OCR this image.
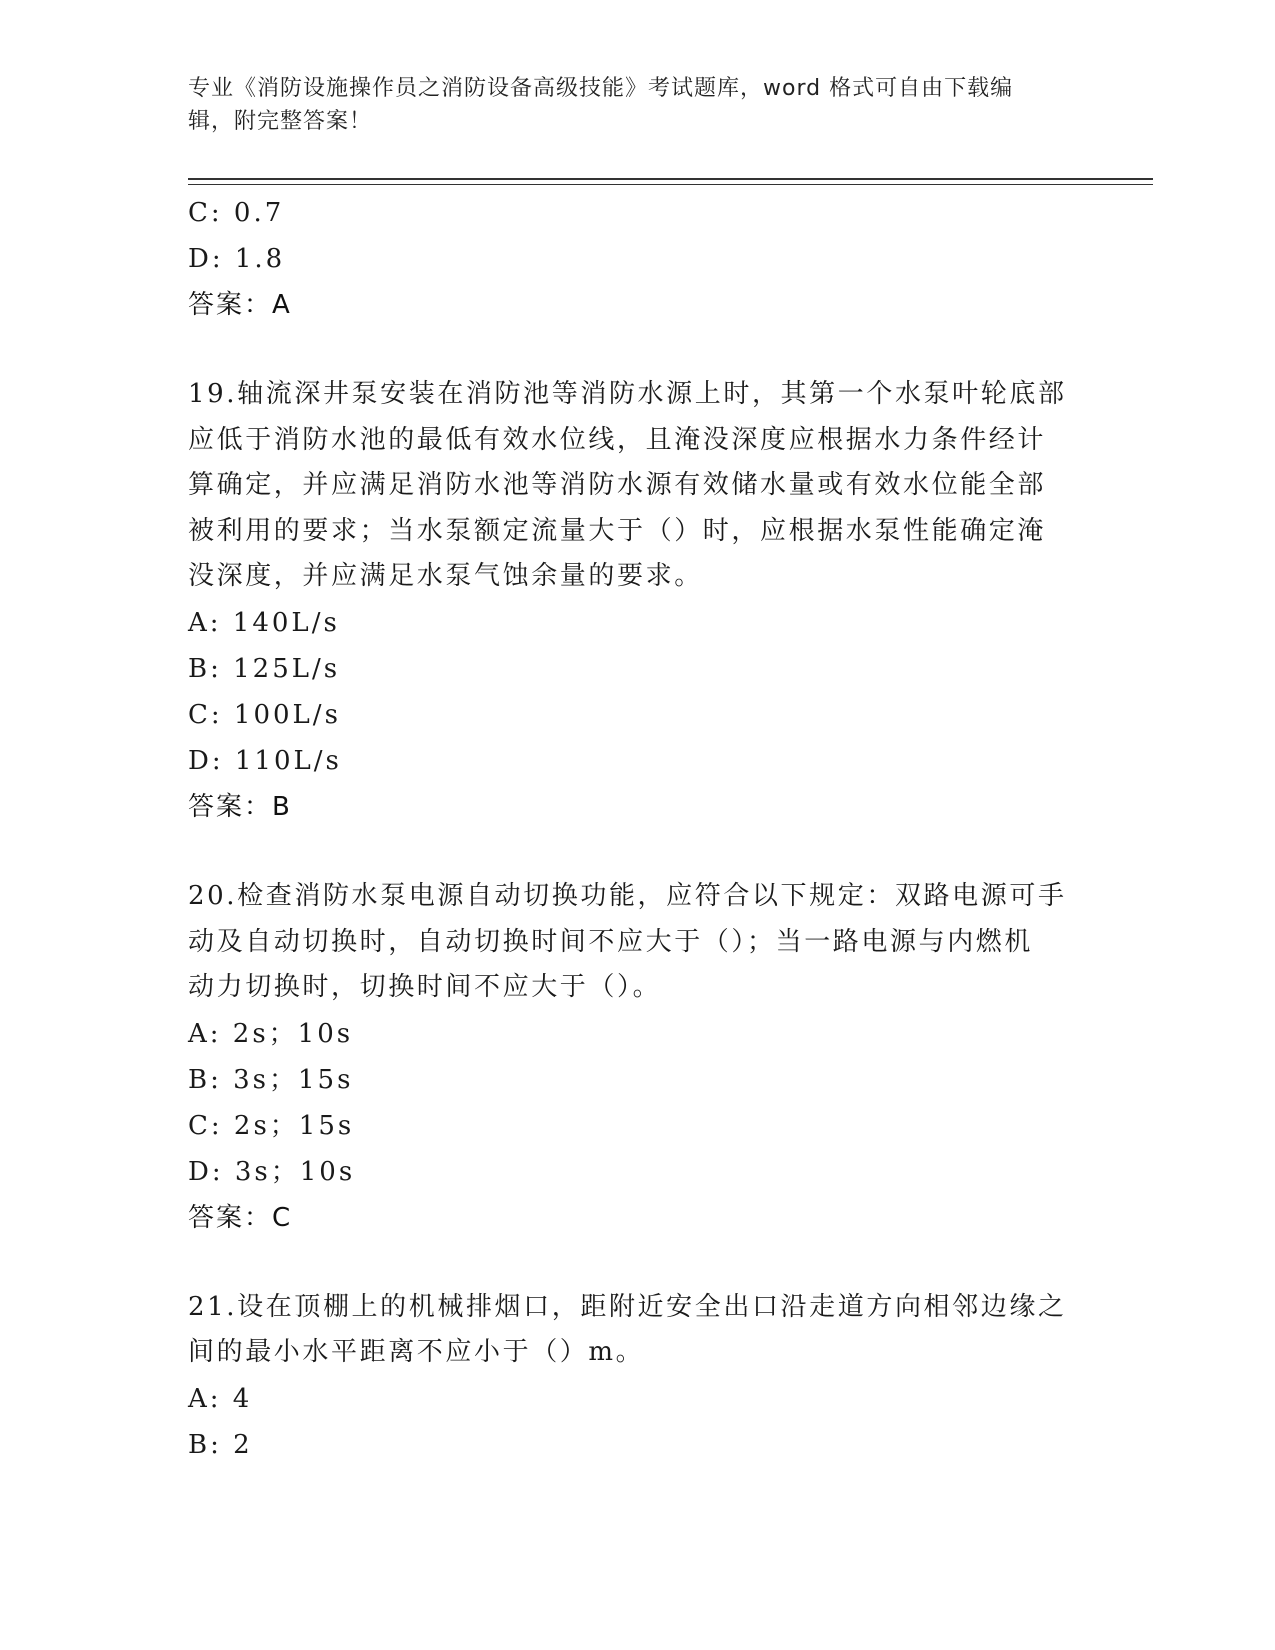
专业《消防设施操作员之消防设备高级技能》考试题库，word 格式可自由下载编
辑，附完整答案！
C: 0.7
D: 1.8
答案：A
19.轴流深井泵安装在消防池等消防水源上时，其第一个水泵叶轮底部
应低于消防水池的最低有效水位线，且淹没深度应根据水力条件经计
算确定，并应满足消防水池等消防水源有效储水量或有效水位能全部
被利用的要求；当水泵额定流量大于（）时，应根据水泵性能确定淹
没深度，并应满足水泵气蚀余量的要求。
A: 140L/s
B: 125L/s
C: 100L/s
D: 110L/s
答案：B
20.检查消防水泵电源自动切换功能，应符合以下规定：双路电源可手
动及自动切换时，自动切换时间不应大于（）；当一路电源与内燃机
动力切换时，切换时间不应大于（）。
A: 2s；10s
B: 3s；15s
C: 2s；15s
D: 3s；10s
答案：C
21.设在顶棚上的机械排烟口，距附近安全出口沿走道方向相邻边缘之
间的最小水平距离不应小于（）m。
A: 4
B: 2
